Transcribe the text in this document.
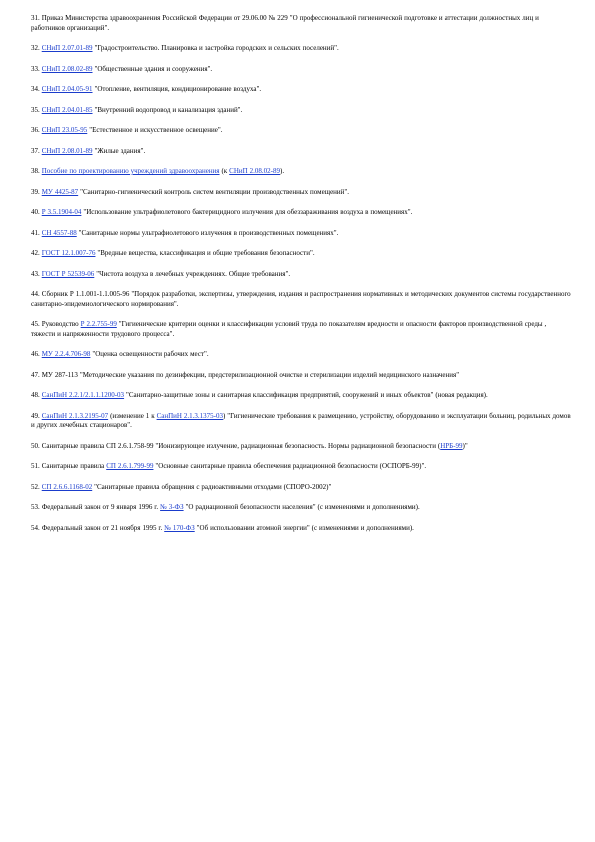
31. Приказ Министерства здравоохранения Российской Федерации от 29.06.00 № 229 "О профессиональной гигиенической подготовке и аттестации должностных лиц и работников организаций".

32. СНиП 2.07.01-89 "Градостроительство. Планировка и застройка городских и сельских поселений".

33. СНиП 2.08.02-89 "Общественные здания и сооружения".

34. СНиП 2.04.05-91 "Отопление, вентиляция, кондиционирование воздуха".

35. СНиП 2.04.01-85 "Внутренний водопровод и канализация зданий".

36. СНиП 23.05-95 "Естественное и искусственное освещение".

37. СНиП 2.08.01-89 "Жилые здания".

38. Пособие по проектированию учреждений здравоохранения (к СНиП 2.08.02-89).

39. МУ 4425-87 "Санитарно-гигиенический контроль систем вентиляции производственных помещений".

40. Р 3.5.1904-04 "Использование ультрафиолетового бактерицидного излучения для обеззараживания воздуха в помещениях".

41. СН 4557-88 "Санитарные нормы ультрафиолетового излучения в производственных помещениях".

42. ГОСТ 12.1.007-76 "Вредные вещества, классификация и общие требования безопасности".

43. ГОСТ Р 52539-06 "Чистота воздуха в лечебных учреждениях. Общие требования".

44. Сборник Р 1.1.001-1.1.005-96 "Порядок разработки, экспертизы, утверждения, издания и распространения нормативных и методических документов системы государственного санитарно-эпидемиологического нормирования".

45. Руководство Р 2.2.755-99 "Гигиенические критерии оценки и классификации условий труда по показателям вредности и опасности факторов производственной среды , тяжести и напряженности трудового процесса".

46. МУ 2.2.4.706-98 "Оценка освещенности рабочих мест".

47. МУ 287-113 "Методические указания по дезинфекции, предстерилизационной очистке и стерилизации изделий медицинского назначения"

48. СанПиН 2.2.1/2.1.1.1200-03 "Санитарно-защитные зоны и санитарная классификация предприятий, сооружений и иных объектов" (новая редакция).

49. СанПиН 2.1.3.2195-07 (изменение 1 к СанПиН 2.1.3.1375-03) "Гигиенические требования к размещению, устройству, оборудованию и эксплуатации больниц, родильных домов и других лечебных стационаров".

50. Санитарные правила СП 2.6.1.758-99 "Ионизирующее излучение, радиационная безопасность. Нормы радиационной безопасности (НРБ-99)"

51. Санитарные правила СП 2.6.1.799-99 "Основные санитарные правила обеспечения радиационной безопасности (ОСПОРБ-99)".

52. СП 2.6.6.1168-02 "Санитарные правила обращения с радиоактивными отходами (СПОРО-2002)"

53. Федеральный закон от 9 января 1996 г. № 3-ФЗ "О радиационной безопасности населения" (с изменениями и дополнениями).

54. Федеральный закон от 21 ноября 1995 г. № 170-ФЗ "Об использовании атомной энергии" (с изменениями и дополнениями).
